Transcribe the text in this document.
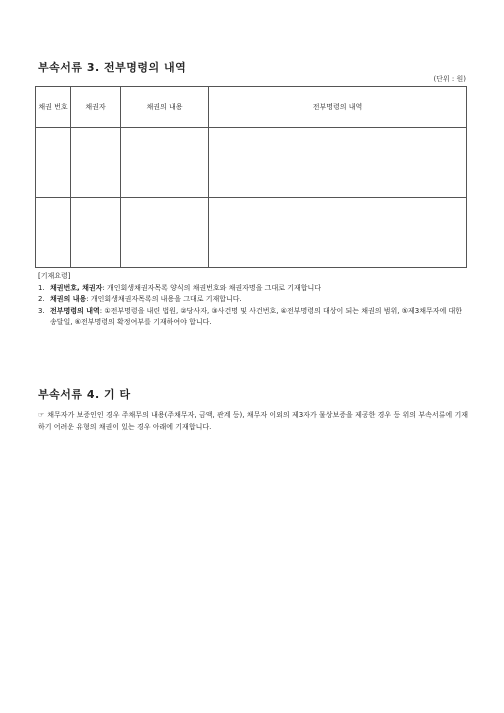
부속서류 3. 전부명령의 내역
(단위 : 원)
채권 번호	채권자	채권의 내용	전부명령의 내역

[기재요령]
1. 채권번호, 채권자: 개인회생채권자목록 양식의 채권번호와 채권자명을 그대로 기재합니다
2. 채권의 내용: 개인회생채권자목록의 내용을 그대로 기재합니다.
3. 전부명령의 내역: ①전부명령을 내린 법원, ②당사자, ③사건명 및 사건번호, ④전부명령의 대상이 되는 채권의 범위, ⑤제3채무자에 대한 송달일, ⑥전부명령의 확정여부를 기재하여야 합니다.
부속서류 4. 기 타
☞ 채무자가 보증인인 경우 주채무의 내용(주채무자, 금액, 관계 등), 채무자 이외의 제3자가 물상보증을 제공한 경우 등 위의 부속서류에 기재하기 어려운 유형의 채권이 있는 경우 아래에 기재합니다.
